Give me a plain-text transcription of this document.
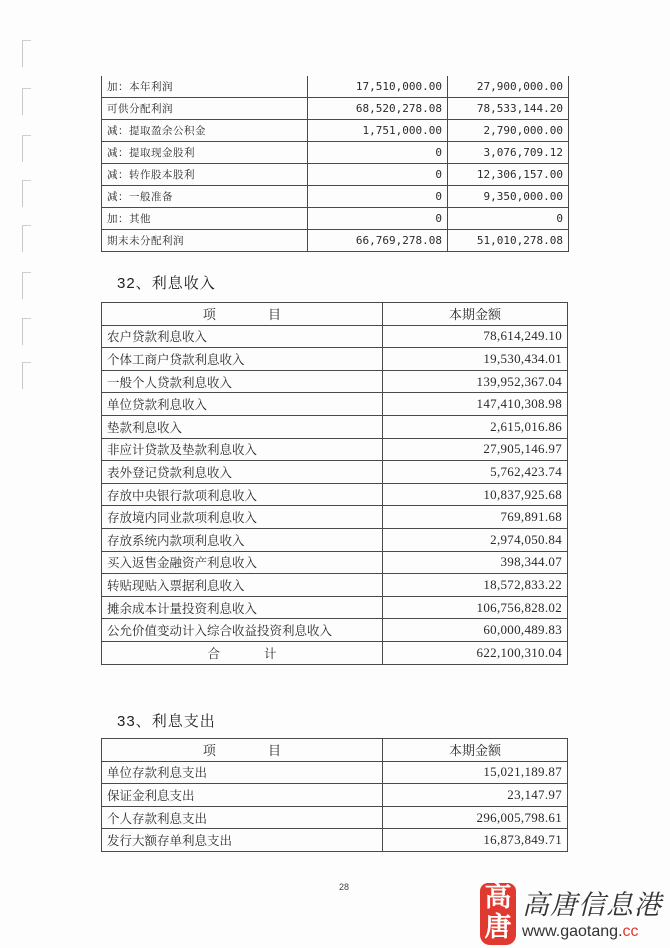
加：本年利润	17,510,000.00	27,900,000.00
可供分配利润	68,520,278.08	78,533,144.20
减：提取盈余公积金	1,751,000.00	2,790,000.00
减：提取现金股利	0	3,076,709.12
减：转作股本股利	0	12,306,157.00
减：一般准备	0	9,350,000.00
加：其他	0	0
期末未分配利润	66,769,278.08	51,010,278.08
32、利息收入
项 目	本期金额
农户贷款利息收入	78,614,249.10
个体工商户贷款利息收入	19,530,434.01
一般个人贷款利息收入	139,952,367.04
单位贷款利息收入	147,410,308.98
垫款利息收入	2,615,016.86
非应计贷款及垫款利息收入	27,905,146.97
表外登记贷款利息收入	5,762,423.74
存放中央银行款项利息收入	10,837,925.68
存放境内同业款项利息收入	769,891.68
存放系统内款项利息收入	2,974,050.84
买入返售金融资产利息收入	398,344.07
转贴现贴入票据利息收入	18,572,833.22
摊余成本计量投资利息收入	106,756,828.02
公允价值变动计入综合收益投资利息收入	60,000,489.83
合 计	622,100,310.04
33、利息支出
项 目	本期金额
单位存款利息支出	15,021,189.87
保证金利息支出	23,147.97
个人存款利息支出	296,005,798.61
发行大额存单利息支出	16,873,849.71
28	高
唐
高唐信息港
www.gaotang.cc
